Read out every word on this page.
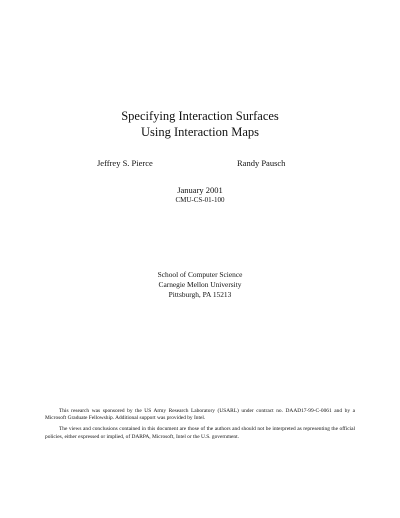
Specifying Interaction Surfaces
Using Interaction Maps
Jeffrey S. Pierce	Randy Pausch
January 2001
CMU-CS-01-100
School of Computer Science
Carnegie Mellon University
Pittsburgh, PA 15213

This research was sponsored by the US Army Research Laboratory (USARL) under contract no. DAAD17-99-C-0061 and by a Microsoft Graduate Fellowship. Additional support was provided by Intel.

The views and conclusions contained in this document are those of the authors and should not be interpreted as representing the official policies, either expressed or implied, of DARPA, Microsoft, Intel or the U.S. government.
